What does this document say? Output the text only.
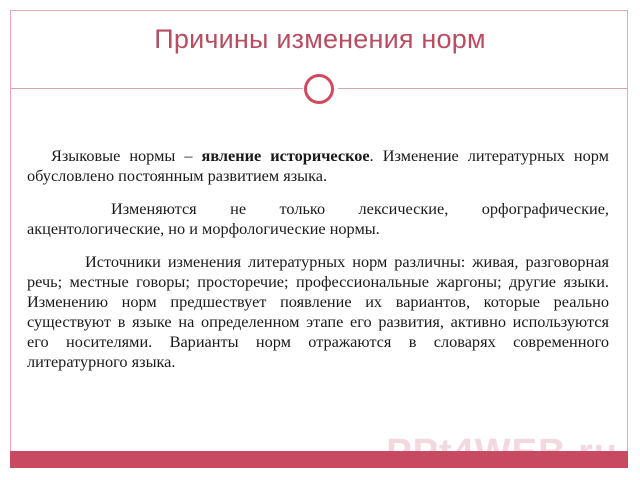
Причины изменения норм

Языковые нормы – явление историческое. Изменение литературных норм обусловлено постоянным развитием языка.

Изменяются не только лексические, орфографические, акцентологические, но и морфологические нормы.

Источники изменения литературных норм различны: живая, разговорная речь; местные говоры; просторечие; профессиональные жаргоны; другие языки. Изменению норм предшествует появление их вариантов, которые реально существуют в языке на определенном этапе его развития, активно используются его носителями. Варианты норм отражаются в словарях современного литературного языка.
